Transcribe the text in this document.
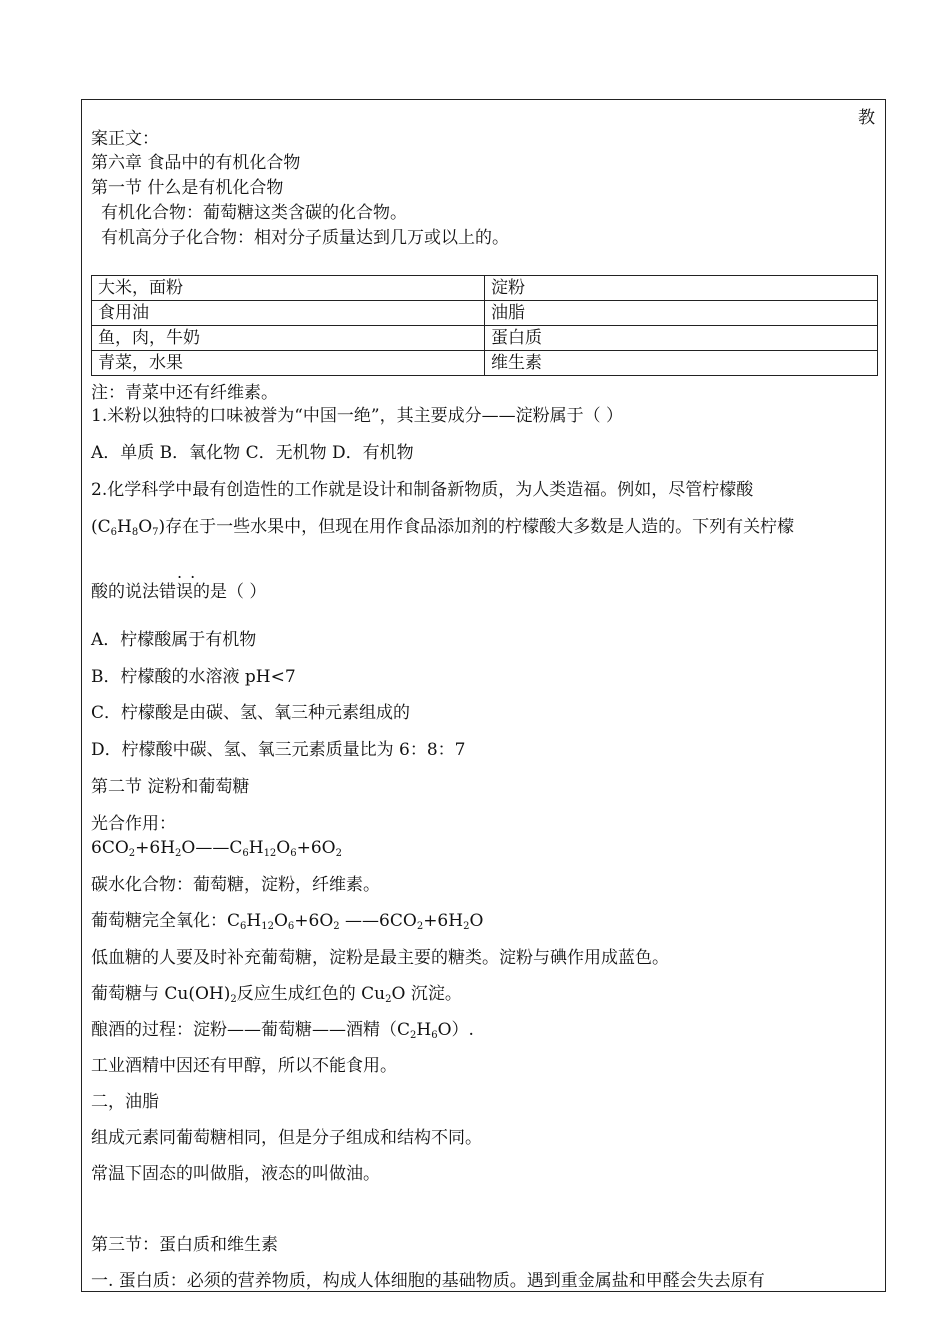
教
案正文：
第六章 食品中的有机化合物
第一节 什么是有机化合物
有机化合物：葡萄糖这类含碳的化合物。
有机高分子化合物：相对分子质量达到几万或以上的。
大米，面粉	淀粉
食用油	油脂
鱼，肉，牛奶	蛋白质
青菜，水果	维生素
注：青菜中还有纤维素。
1.米粉以独特的口味被誉为“中国一绝”，其主要成分——淀粉属于（ ）
A．单质 B．氧化物 C．无机物 D．有机物
2.化学科学中最有创造性的工作就是设计和制备新物质，为人类造福。例如，尽管柠檬酸
$(C_6H_8O_7)$存在于一些水果中，但现在用作食品添加剂的柠檬酸大多数是人造的。下列有关柠檬
..
酸的说法错误的是（ ）
A．柠檬酸属于有机物
B．柠檬酸的水溶液 pH<7
C．柠檬酸是由碳、氢、氧三种元素组成的
D．柠檬酸中碳、氢、氧三元素质量比为 6：8：7
第二节 淀粉和葡萄糖
光合作用：
$6CO_2+6H_2O——C_6H_{12}O_6+6O_2$
碳水化合物：葡萄糖，淀粉，纤维素。
葡萄糖完全氧化：$C_6H_{12}O_6+6O_2$ $——6CO_2+6H_2O$
低血糖的人要及时补充葡萄糖，淀粉是最主要的糖类。淀粉与碘作用成蓝色。
葡萄糖与 $Cu(OH)_2$反应生成红色的 $Cu_2O$ 沉淀。
酿酒的过程：淀粉——葡萄糖——酒精$(C_2H_6O)$.
工业酒精中因还有甲醇，所以不能食用。
二，油脂
组成元素同葡萄糖相同，但是分子组成和结构不同。
常温下固态的叫做脂，液态的叫做油。
第三节：蛋白质和维生素
一. 蛋白质：必须的营养物质，构成人体细胞的基础物质。遇到重金属盐和甲醛会失去原有
